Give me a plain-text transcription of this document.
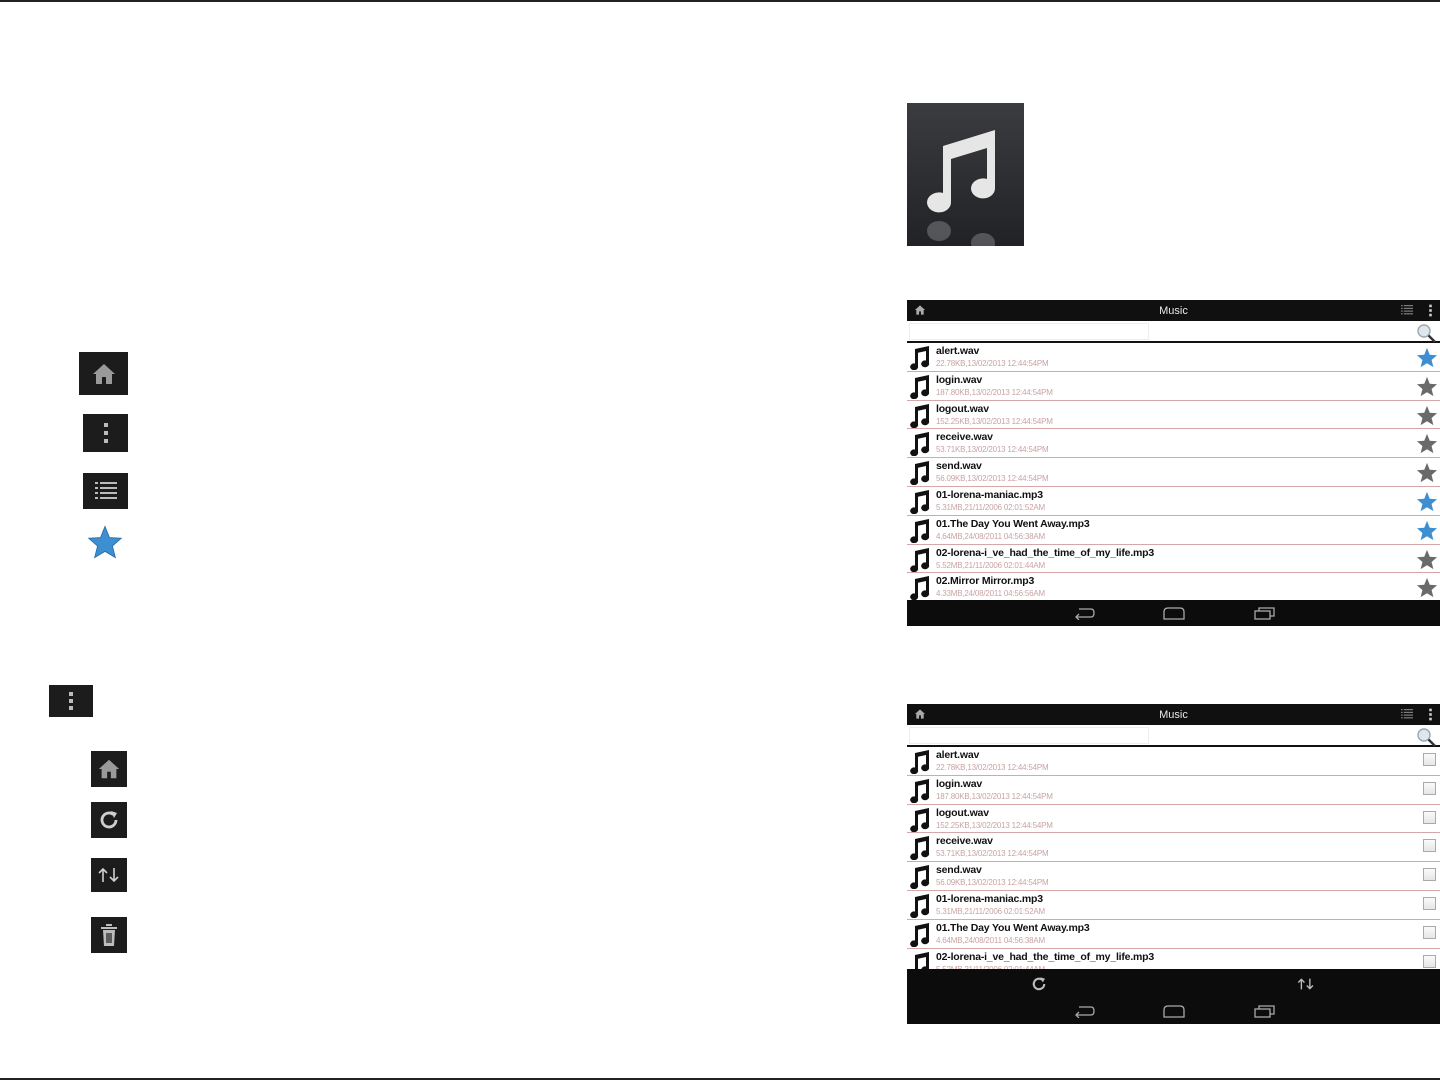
Music
alert.wav
22.78KB,13/02/2013 12:44:54PM
login.wav
187.80KB,13/02/2013 12:44:54PM
logout.wav
152.25KB,13/02/2013 12:44:54PM
receive.wav
53.71KB,13/02/2013 12:44:54PM
send.wav
56.09KB,13/02/2013 12:44:54PM
01-lorena-maniac.mp3
5.31MB,21/11/2006 02:01:52AM
01.The Day You Went Away.mp3
4.64MB,24/08/2011 04:56:38AM
02-lorena-i_ve_had_the_time_of_my_life.mp3
5.52MB,21/11/2006 02:01:44AM
02.Mirror Mirror.mp3
4.33MB,24/08/2011 04:56:56AM
Music
alert.wav
22.78KB,13/02/2013 12:44:54PM
login.wav
187.80KB,13/02/2013 12:44:54PM
logout.wav
152.25KB,13/02/2013 12:44:54PM
receive.wav
53.71KB,13/02/2013 12:44:54PM
send.wav
56.09KB,13/02/2013 12:44:54PM
01-lorena-maniac.mp3
5.31MB,21/11/2006 02:01:52AM
01.The Day You Went Away.mp3
4.64MB,24/08/2011 04:56:38AM
02-lorena-i_ve_had_the_time_of_my_life.mp3
